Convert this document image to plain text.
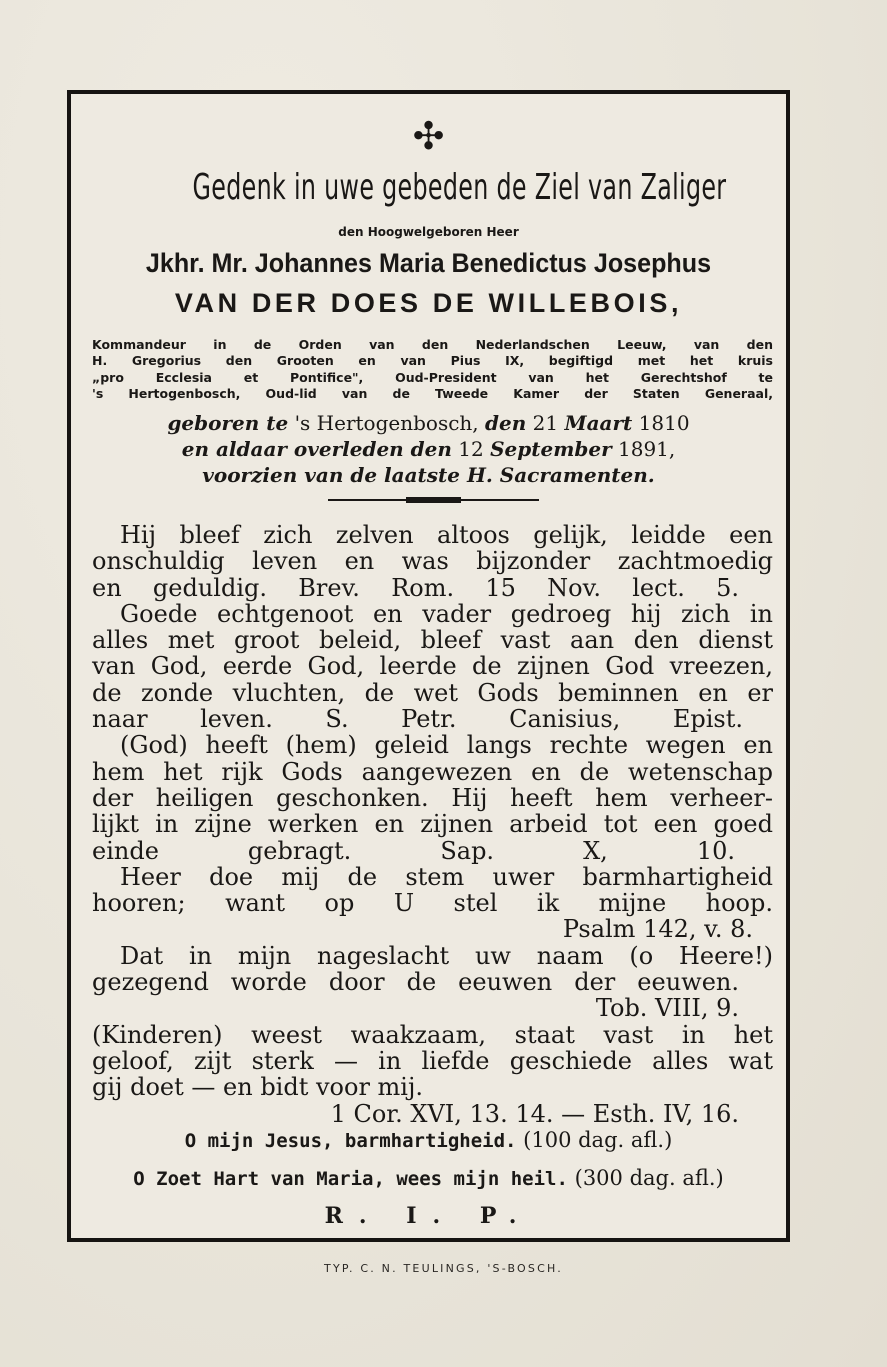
✣
Gedenk in uwe gebeden de Ziel van Zaliger
den Hoogwelgeboren Heer
Jkhr. Mr. Johannes Maria Benedictus Josephus
VAN DER DOES DE WILLEBOIS,
Kommandeur in de Orden van den Nederlandschen Leeuw, van den
H. Gregorius den Grooten en van Pius IX, begiftigd met het kruis
„pro Ecclesia et Pontifice", Oud-President van het Gerechtshof te
's Hertogenbosch, Oud-lid van de Tweede Kamer der Staten Generaal,
geboren te 's Hertogenbosch, den 21 Maart 1810
en aldaar overleden den 12 September 1891,
voorzien van de laatste H. Sacramenten.
Hij bleef zich zelven altoos gelijk, leidde een
onschuldig leven en was bijzonder zachtmoedig
en geduldig. Brev. Rom. 15 Nov. lect. 5.
Goede echtgenoot en vader gedroeg hij zich in
alles met groot beleid, bleef vast aan den dienst
van God, eerde God, leerde de zijnen God vreezen,
de zonde vluchten, de wet Gods beminnen en er
naar leven. S. Petr. Canisius, Epist.
(God) heeft (hem) geleid langs rechte wegen en
hem het rijk Gods aangewezen en de wetenschap
der heiligen geschonken. Hij heeft hem verheer-
lijkt in zijne werken en zijnen arbeid tot een goed
einde gebragt. Sap. X, 10.
Heer doe mij de stem uwer barmhartigheid
hooren; want op U stel ik mijne hoop.
Psalm 142, v. 8.
Dat in mijn nageslacht uw naam (o Heere!)
gezegend worde door de eeuwen der eeuwen.
Tob. VIII, 9.
(Kinderen) weest waakzaam, staat vast in het
geloof, zijt sterk — in liefde geschiede alles wat
gij doet — en bidt voor mij.
1 Cor. XVI, 13. 14. — Esth. IV, 16.
O mijn Jesus, barmhartigheid. (100 dag. afl.)
O Zoet Hart van Maria, wees mijn heil. (300 dag. afl.)
R. I. P.
TYP. C. N. TEULINGS, 'S-BOSCH.
